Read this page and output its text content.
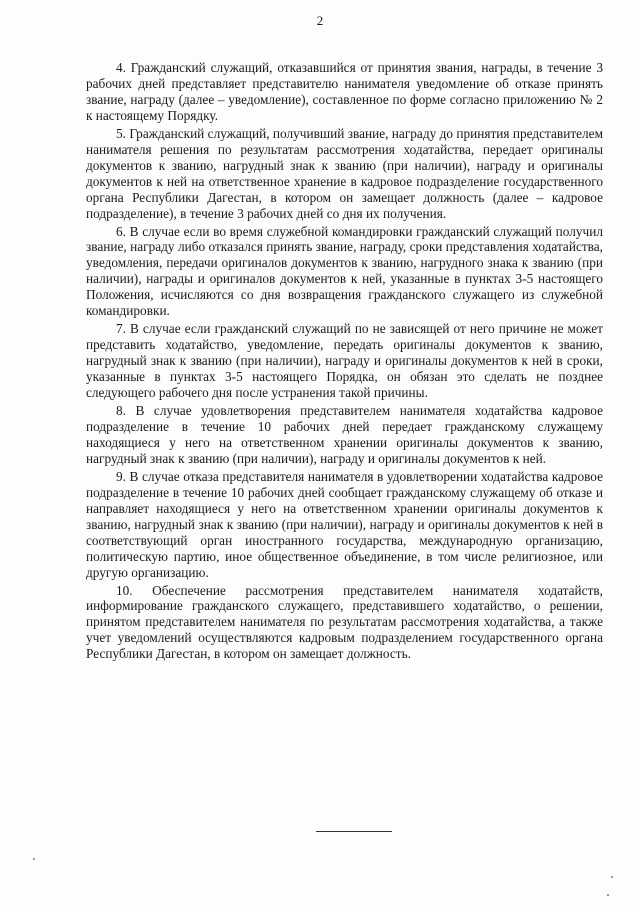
2

4. Гражданский служащий, отказавшийся от принятия звания, награды, в течение 3 рабочих дней представляет представителю нанимателя уведомление об отказе принять звание, награду (далее – уведомление), составленное по форме согласно приложению № 2 к настоящему Порядку.

5. Гражданский служащий, получивший звание, награду до принятия представителем нанимателя решения по результатам рассмотрения ходатайства, передает оригиналы документов к званию, нагрудный знак к званию (при наличии), награду и оригиналы документов к ней на ответственное хранение в кадровое подразделение государственного органа Республики Дагестан, в котором он замещает должность (далее – кадровое подразделение), в течение 3 рабочих дней со дня их получения.

6. В случае если во время служебной командировки гражданский служащий получил звание, награду либо отказался принять звание, награду, сроки представления ходатайства, уведомления, передачи оригиналов документов к званию, нагрудного знака к званию (при наличии), награды и оригиналов документов к ней, указанные в пунктах 3-5 настоящего Положения, исчисляются со дня возвращения гражданского служащего из служебной командировки.

7. В случае если гражданский служащий по не зависящей от него причине не может представить ходатайство, уведомление, передать оригиналы документов к званию, нагрудный знак к званию (при наличии), награду и оригиналы документов к ней в сроки, указанные в пунктах 3-5 настоящего Порядка, он обязан это сделать не позднее следующего рабочего дня после устранения такой причины.

8. В случае удовлетворения представителем нанимателя ходатайства кадровое подразделение в течение 10 рабочих дней передает гражданскому служащему находящиеся у него на ответственном хранении оригиналы документов к званию, нагрудный знак к званию (при наличии), награду и оригиналы документов к ней.

9. В случае отказа представителя нанимателя в удовлетворении ходатайства кадровое подразделение в течение 10 рабочих дней сообщает гражданскому служащему об отказе и направляет находящиеся у него на ответственном хранении оригиналы документов к званию, нагрудный знак к званию (при наличии), награду и оригиналы документов к ней в соответствующий орган иностранного государства, международную организацию, политическую партию, иное общественное объединение, в том числе религиозное, или другую организацию.

10. Обеспечение рассмотрения представителем нанимателя ходатайств, информирование гражданского служащего, представившего ходатайство, о решении, принятом представителем нанимателя по результатам рассмотрения ходатайства, а также учет уведомлений осуществляются кадровым подразделением государственного органа Республики Дагестан, в котором он замещает должность.
